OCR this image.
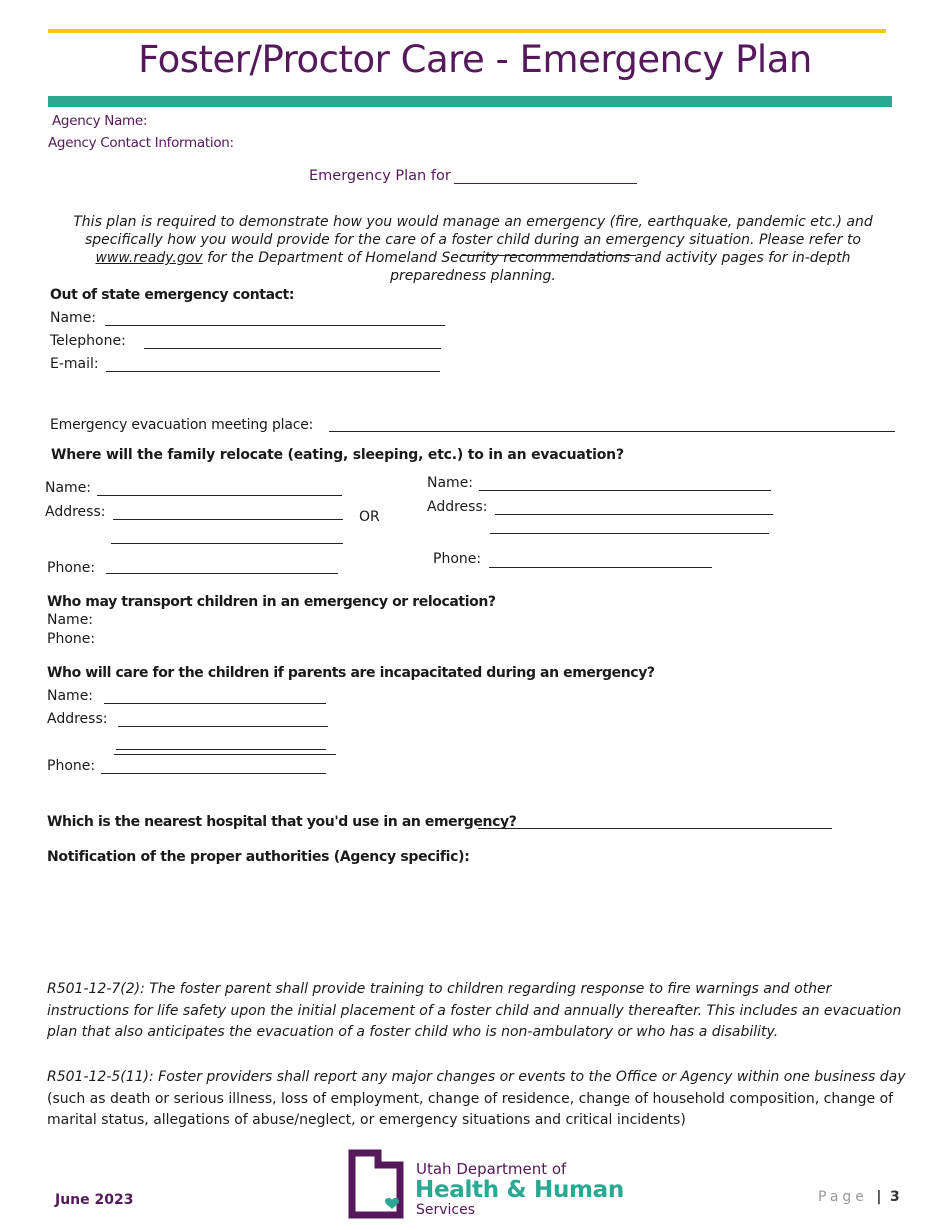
Foster/Proctor Care - Emergency Plan
Agency Name:
Agency Contact Information:
Emergency Plan for
This plan is required to demonstrate how you would manage an emergency (fire, earthquake, pandemic etc.) and specifically how you would provide for the care of a foster child during an emergency situation. Please refer to www.ready.gov for the Department of Homeland Security recommendations and activity pages for in-depth preparedness planning.
Out of state emergency contact:
Name:
Telephone:
E-mail:
Emergency evacuation meeting place:
Where will the family relocate (eating, sleeping, etc.) to in an evacuation?
Name:
Address:
Phone:
OR
Name:
Address:
Phone:
Who may transport children in an emergency or relocation?
Name:
Phone:
Who will care for the children if parents are incapacitated during an emergency?
Name:
Address:
Phone:
Which is the nearest hospital that you'd use in an emergency?
Notification of the proper authorities (Agency specific):
R501-12-7(2): The foster parent shall provide training to children regarding response to fire warnings and other instructions for life safety upon the initial placement of a foster child and annually thereafter. This includes an evacuation plan that also anticipates the evacuation of a foster child who is non-ambulatory or who has a disability.
R501-12-5(11): Foster providers shall report any major changes or events to the Office or Agency within one business day (such as death or serious illness, loss of employment, change of residence, change of household composition, change of marital status, allegations of abuse/neglect, or emergency situations and critical incidents)
June 2023
Utah Department of
Health & Human
Services
Page | 3
